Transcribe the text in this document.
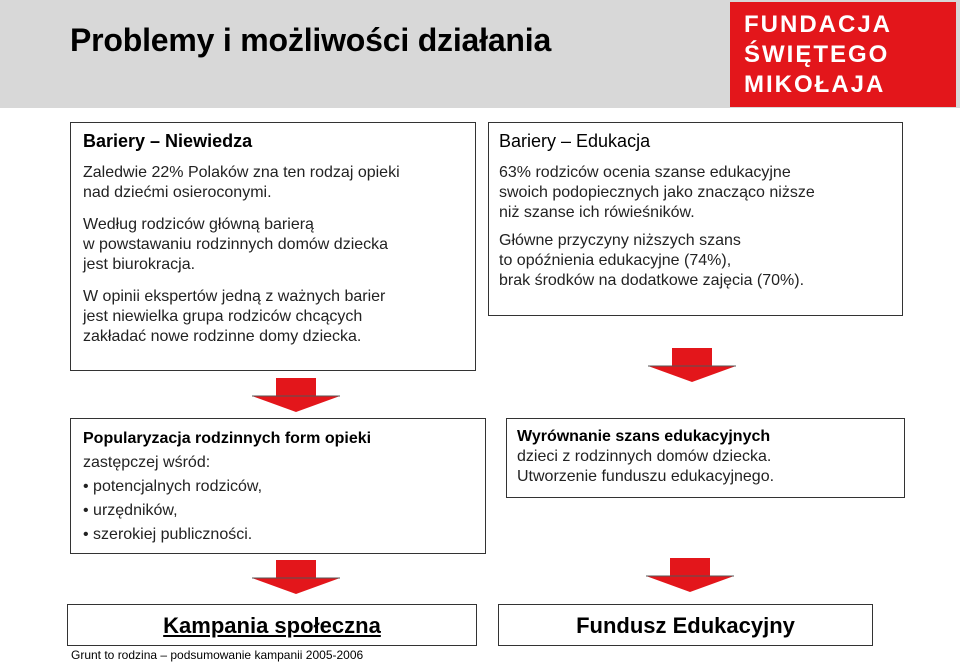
Problemy i możliwości działania	FUNDACJA
ŚWIĘTEGO
MIKOŁAJA

Bariery – Niewiedza

Zaledwie 22% Polaków zna ten rodzaj opieki

nad dziećmi osieroconymi.

Według rodziców główną barierą

w powstawaniu rodzinnych domów dziecka

jest biurokracja.

W opinii ekspertów jedną z ważnych barier

jest niewielka grupa rodziców chcących

zakładać nowe rodzinne domy dziecka.

Bariery – Edukacja

63% rodziców ocenia szanse edukacyjne

swoich podopiecznych jako znacząco niższe

niż szanse ich rówieśników.

Główne przyczyny niższych szans

to opóźnienia edukacyjne (74%),

brak środków na dodatkowe zajęcia (70%).

Popularyzacja rodzinnych form opieki

zastępczej wśród:

• potencjalnych rodziców,

• urzędników,

• szerokiej publiczności.

Wyrównanie szans edukacyjnych

dzieci z rodzinnych domów dziecka.

Utworzenie funduszu edukacyjnego.

Kampania społeczna	Fundusz Edukacyjny
Grunt to rodzina – podsumowanie kampanii 2005-2006
